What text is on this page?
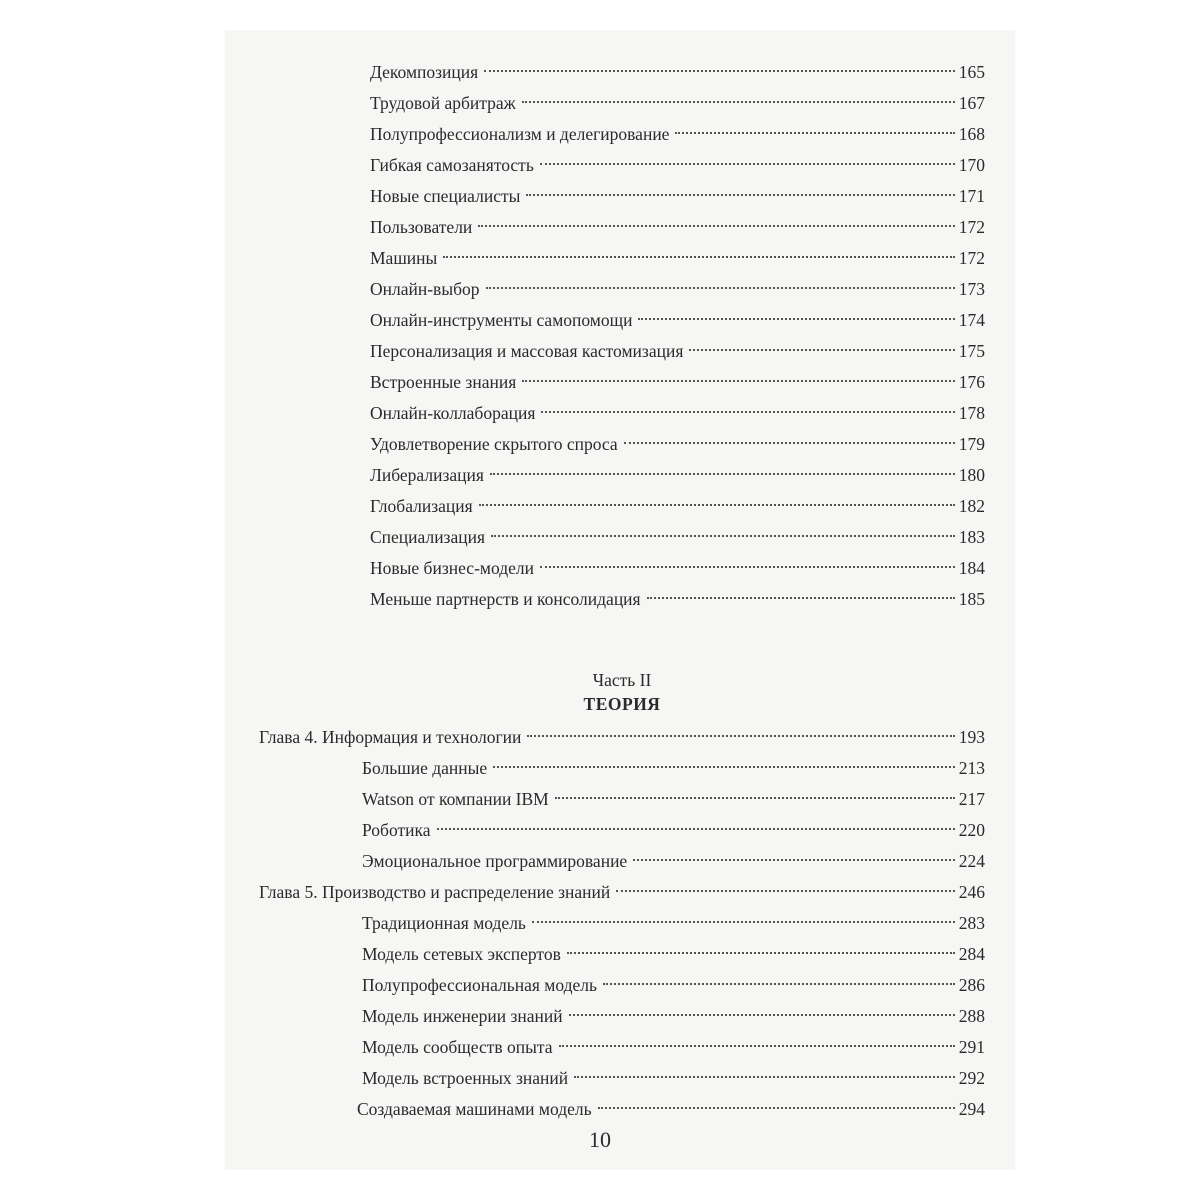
Декомпозиция	165
Трудовой арбитраж	167
Полупрофессионализм и делегирование	168
Гибкая самозанятость	170
Новые специалисты	171
Пользователи	172
Машины	172
Онлайн-выбор	173
Онлайн-инструменты самопомощи	174
Персонализация и массовая кастомизация	175
Встроенные знания	176
Онлайн-коллаборация	178
Удовлетворение скрытого спроса	179
Либерализация	180
Глобализация	182
Специализация	183
Новые бизнес-модели	184
Меньше партнерств и консолидация	185
Часть II
ТЕОРИЯ
Глава 4. Информация и технологии	193
Большие данные	213
Watson от компании IBM	217
Роботика	220
Эмоциональное программирование	224
Глава 5. Производство и распределение знаний	246
Традиционная модель	283
Модель сетевых экспертов	284
Полупрофессиональная модель	286
Модель инженерии знаний	288
Модель сообществ опыта	291
Модель встроенных знаний	292
Создаваемая машинами модель	294
10
